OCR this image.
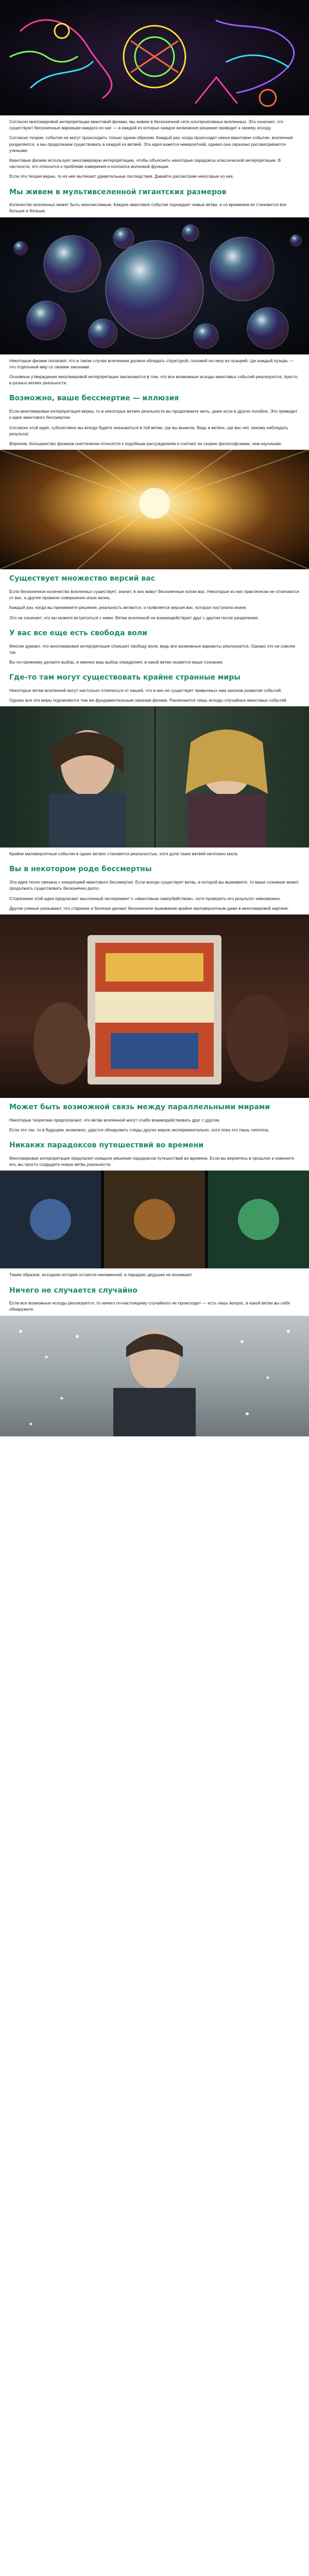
Согласно многомировой интерпретации квантовой физики, мы живем в бесконечной сети альтернативных вселенных. Это означает, что существуют бесконечные вариации каждого из нас — в каждой из которых каждое возможное решение приводит к своему исходу.

Согласно теории, события не могут происходить только одним образом. Каждый раз, когда происходит некое квантовое событие, вселенная разделяется, а мы продолжаем существовать в каждой из ветвей. Эта идея кажется невероятной, однако она серьезно рассматривается учеными.

Квантовые физики используют многомировую интерпретацию, чтобы объяснить некоторые парадоксы классической интерпретации. В частности, это относится к проблеме измерения и коллапса волновой функции.

Если эта теория верна, то из нее вытекают удивительные последствия. Давайте рассмотрим некоторые из них.

Мы живем в мультивселенной гигантских размеров

Количество вселенных может быть неисчислимым. Каждое квантовое событие порождает новые ветви, и со временем их становится все больше и больше.

Некоторые физики полагают, что в таком случае вселенная должна обладать структурой, похожей на пену из пузырей, где каждый пузырь — это отдельный мир со своими законами.

Основные утверждения многомировой интерпретации заключаются в том, что все возможные исходы квантовых событий реализуются, просто в разных ветвях реальности.

Возможно, ваше бессмертие — иллюзия

Если многомировая интерпретация верна, то в некоторых ветвях реальности вы продолжаете жить, даже если в других погибли. Это приводит к идее квантового бессмертия.

Согласно этой идее, субъективно вы всегда будете оказываться в той ветви, где вы выжили. Ведь в ветвях, где вас нет, некому наблюдать результат.

Впрочем, большинство физиков скептически относятся к подобным рассуждениям и считают их скорее философскими, чем научными.

Существует множество версий вас

Если бесконечное количество вселенных существует, значит, в них живут бесконечные копии вас. Некоторые из них практически не отличаются от вас, а другие прожили совершенно иную жизнь.

Каждый раз, когда вы принимаете решение, реальность ветвится, и появляется версия вас, которая поступила иначе.

Это не означает, что вы можете встретиться с ними. Ветви вселенной не взаимодействуют друг с другом после разделения.

У вас все еще есть свобода воли

Многие думают, что многомировая интерпретация отрицает свободу воли, ведь все возможные варианты реализуются. Однако это не совсем так.

Вы по-прежнему делаете выбор, и именно ваш выбор определяет, в какой ветви окажется ваше сознание.

Где-то там могут существовать крайне странные миры

Некоторые ветви вселенной могут настолько отличаться от нашей, что в них не существует привычных нам законов развития событий.

Однако все эти миры подчиняются тем же фундаментальным законам физики. Различаются лишь исходы случайных квантовых событий.

Крайне маловероятные события в одних ветвях становятся реальностью, хотя доля таких ветвей ничтожно мала.

Вы в некотором роде бессмертны

Эта идея тесно связана с концепцией квантового бессмертия. Если всегда существует ветвь, в которой вы выживаете, то ваше сознание может продолжать существовать бесконечно долго.

Сторонники этой идеи предлагают мысленный эксперимент с «квантовым самоубийством», хотя проверить его результат невозможно.

Другие ученые указывают, что старение и болезни делают бесконечное выживание крайне маловероятным даже в многомировой картине.

Может быть возможной связь между параллельными мирами

Некоторые теоретики предполагают, что ветви вселенной могут слабо взаимодействовать друг с другом.

Если это так, то в будущем, возможно, удастся обнаружить следы других миров экспериментально, хотя пока это лишь гипотеза.

Никаких парадоксов путешествий во времени

Многомировая интерпретация предлагает изящное решение парадоксов путешествий во времени. Если вы вернетесь в прошлое и измените его, вы просто создадите новую ветвь реальности.

Таким образом, исходная история остается неизменной, и парадокс дедушки не возникает.

Ничего не случается случайно

Если все возможные исходы реализуются, то ничего по-настоящему случайного не происходит — есть лишь вопрос, в какой ветви вы себя обнаружите.
